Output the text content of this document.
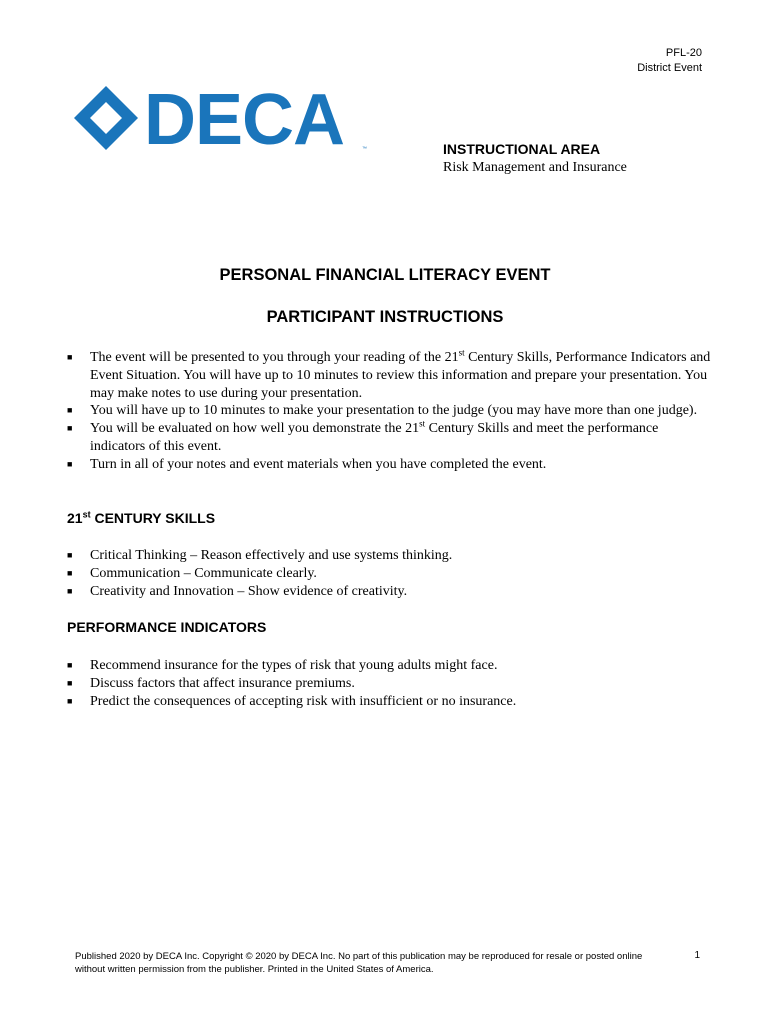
PFL-20
District Event
DECA	™	INSTRUCTIONAL AREA
Risk Management and Insurance
PERSONAL FINANCIAL LITERACY EVENT
PARTICIPANT INSTRUCTIONS
■ The event will be presented to you through your reading of the 21st Century Skills, Performance Indicators and Event Situation. You will have up to 10 minutes to review this information and prepare your presentation. You may make notes to use during your presentation.
■ You will have up to 10 minutes to make your presentation to the judge (you may have more than one judge).
■ You will be evaluated on how well you demonstrate the 21st Century Skills and meet the performance indicators of this event.
■ Turn in all of your notes and event materials when you have completed the event.
21st CENTURY SKILLS
■ Critical Thinking – Reason effectively and use systems thinking.
■ Communication – Communicate clearly.
■ Creativity and Innovation – Show evidence of creativity.
PERFORMANCE INDICATORS
■ Recommend insurance for the types of risk that young adults might face.
■ Discuss factors that affect insurance premiums.
■ Predict the consequences of accepting risk with insufficient or no insurance.
Published 2020 by DECA Inc. Copyright © 2020 by DECA Inc. No part of this publication may be reproduced for resale or posted online without written permission from the publisher. Printed in the United States of America.
1
